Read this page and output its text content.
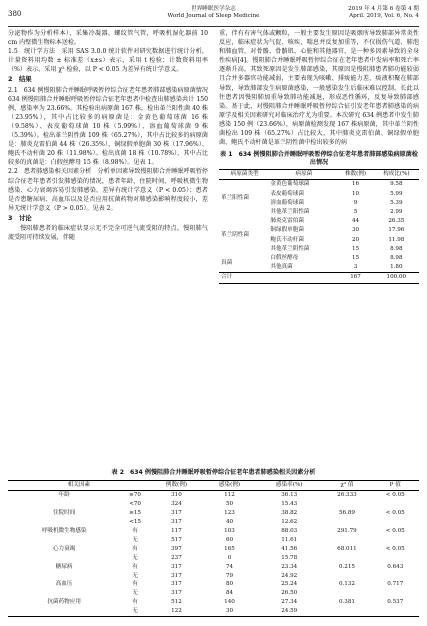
380
世界睡眠医学杂志
World Journal of Sleep Medicine
2019 年 4 月第 6 卷第 4 期
April. 2019, Vol. 6, No. 4

分泌物作为分析样本），采集冷凝器、螺纹管气管，呼吸机湿化器前 10 cm 内壁微生物标本送检。

1.5　统计学方法　采用 SAS 3.0.0 统计软件对研究数据进行统计分析，计量资料用均数 ± 标准差（x±s）表示，采用 t 检验；计数资料用率（%）表示，采用 χ² 检验，以 P < 0.05 为差异有统计学意义。

2　结果

2.1　634 例慢阻肺合并睡眠呼吸暂停综合征老年患者肺部感染病原菌情况　634 例慢阻肺合并睡眠呼吸暂停综合征老年患者中检查出肺感染共计 150 例，感染率为 23.66%。其检验出病原菌 167 株，检出革兰阳性菌 40 株（23.95%），其中占比较多的病原菌是：金黄色葡萄球菌 16 株（9.58%）、表皮葡萄球菌 10 株（5.99%）、溶血葡萄球菌 9 株（5.39%）。检出革兰阴性菌 109 株（65.27%），其中占比较多的病原菌是：肺炎克雷伯菌 44 株（26.35%）、铜绿假单胞菌 30 株（17.96%）、鲍氏不动杆菌 20 株（11.98%）。检出真菌 18 株（10.78%），其中占比较多的真菌是：白假丝酵母 15 株（8.98%）。见表 1。

2.2　患者肺感染相关因素分析　分析单因素导致慢阻肺合并睡眠呼吸暂停综合征老年患者引发肺感染的情况，患者年龄、住院时间、呼吸机微生物感染、心力衰竭容易引发肺感染，差异有统计学意义（P < 0.05）；患者是否患糖尿病、高血压以及是否应用抗菌药物对肺感染影响程度较小，差异无统计学意义（P > 0.05）。见表 2。

3　讨论

慢阻肺患者的临床症状显示无不完全可逆气流受阻的特点。慢阻肺气流受阻可持续发展，伴随

重，伴有有害气体或颗粒，一般主要发生原因是吸烟所导致肺部异常炎性反应，临床症状为气促、咳疾、喘息并反复加重等，不仅损伤气道、肺泡和肺血管，对骨骼、骨骼肌、心脏和其他器官，是一种多因素导致的全身性疾病[4]。慢阻肺合并睡眠呼吸暂停综合征在老年患者中发病率和死亡率逐渐升高，其致死原因是发生肺部感染，其原因是慢阻肺患者肺功能较弱且合并多器官功能减弱，主要表现为咳嗽、排痰能力差，痰液积聚在肺部导致，导致肺部发生病原菌感染，一般感染发生后临床难以控制。长此以往患者因慢阻肺加重导致肺功能减退，形成恶性循环，反复导致肺部感染。基于此，对慢阻肺合并睡眠呼吸暂停综合征引发老年患者肺感染的病原学及相关因素研究对临床治疗尤为重要。本次研究 634 例患者中发生肺感染 150 例（23.66%），病原菌检测发现 167 株病原菌，其中革兰阴性菌检出 109 株（65.27%）占比较大，其中肺炎克雷伯菌、铜绿假单胞菌、鲍氏不动杆菌是革兰阴性菌中检出较多的病

表 1　634 例慢阻肺合并睡眠呼吸暂停综合征老年患者肺部感染病原菌检出情况
病原菌类型	病原菌	株数(例)	构成比(%)
革兰阳性菌	金黄色葡萄球菌	16	9.58
	表皮葡萄球菌	10	5.99
	溶血葡萄球菌	9	5.39
	其他革兰阳性菌	5	2.99
革兰阴性菌	肺炎克雷伯菌	44	26.35
	铜绿假单胞菌	30	17.96
	鲍氏不动杆菌	20	11.98
	其他革兰阴性菌	15	8.98
真菌	白假丝酵母	15	8.98
	其他真菌	3	1.80
合计		167	100.00
表 2　634 例慢阻肺合并睡眠呼吸暂停综合征老年患者肺感染相关因素分析
相关因素		例数(例)	感染(例)	感染率(%)	χ² 值	P 值
年龄	≥70	310	112	36.13	26.333	< 0.05
	<70	324	50	15.43		
住院时间	≥15	317	123	38.82	56.89	< 0.05
	<15	317	40	12.62		
呼吸机微生物感染	有	117	103	88.03	291.79	< 0.05
	无	517	60	11.61		
心力衰竭	有	397	165	41.56	68.011	< 0.05
	无	237	0	15.78		
糖尿病	有	317	74	23.34	0.215	0.643
	无	317	79	24.92		
高血压	有	317	80	25.24	0.132	0.717
	无	317	84	26.50		
抗菌药物应用	有	512	140	27.34	0.381	0.537
	无	122	30	24.59		
